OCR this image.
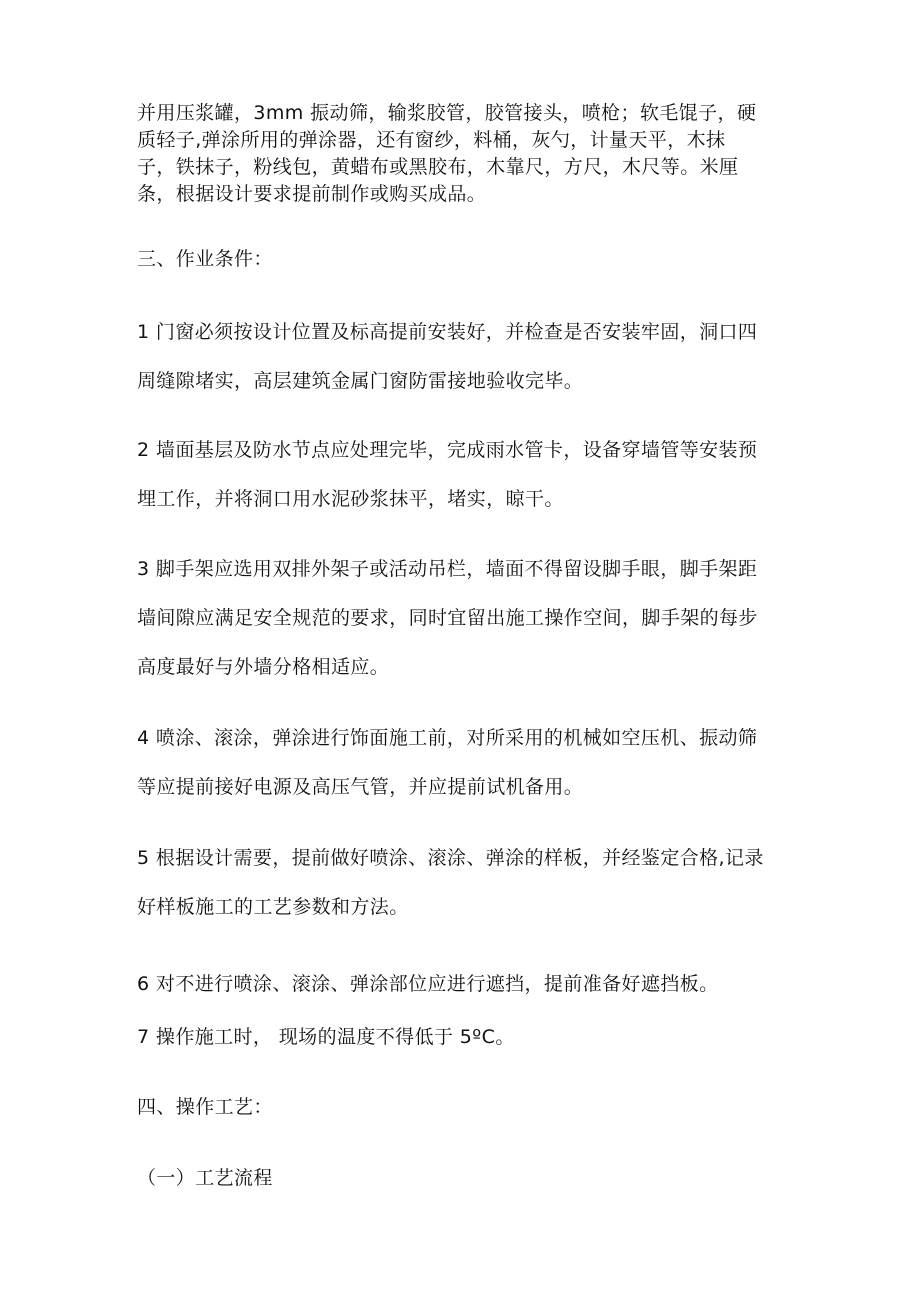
并用压浆罐，3mm 振动筛，输浆胶管，胶管接头，喷枪；软毛馄子，硬

质轻子,弹涂所用的弹涂器，还有窗纱，料桶，灰勺，计量天平，木抹

子，铁抹子，粉线包，黄蜡布或黑胶布，木靠尺，方尺，木尺等。米厘

条，根据设计要求提前制作或购买成品。

三、作业条件：

1 门窗必须按设计位置及标高提前安装好，并检查是否安装牢固，洞口四

周缝隙堵实，高层建筑金属门窗防雷接地验收完毕。

2 墙面基层及防水节点应处理完毕，完成雨水管卡，设备穿墙管等安装预

埋工作，并将洞口用水泥砂浆抹平，堵实，晾干。

3 脚手架应选用双排外架子或活动吊栏，墙面不得留设脚手眼，脚手架距

墙间隙应满足安全规范的要求，同时宜留出施工操作空间，脚手架的每步

高度最好与外墙分格相适应。

4 喷涂、滚涂，弹涂进行饰面施工前，对所采用的机械如空压机、振动筛

等应提前接好电源及高压气管，并应提前试机备用。

5 根据设计需要，提前做好喷涂、滚涂、弹涂的样板，并经鉴定合格,记录

好样板施工的工艺参数和方法。

6 对不进行喷涂、滚涂、弹涂部位应进行遮挡，提前准备好遮挡板。

7 操作施工时， 现场的温度不得低于 5ºC。

四、操作工艺：
（一）工艺流程
